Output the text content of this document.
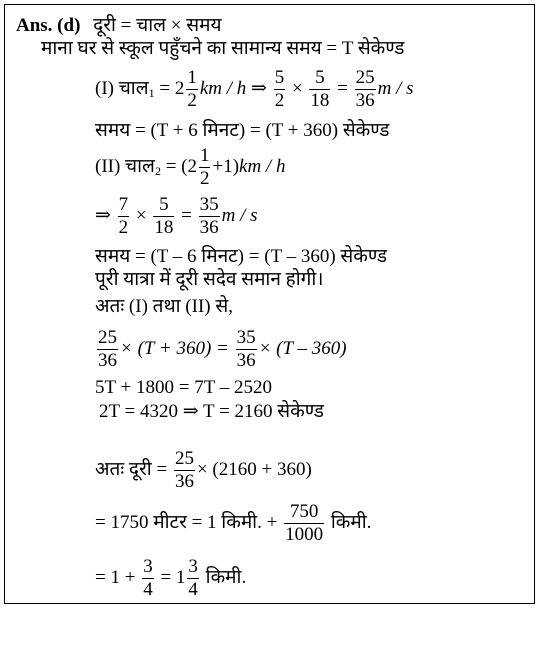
Ans. (d) दूरी = चाल × समय
माना घर से स्कूल पहुँचने का सामान्य समय = T सेकेण्ड
(I) चाल$_1$ = $2 \frac{1}{2}$ km / h ⇒ $\frac{5}{2} \times \frac{5}{18} = \frac{25}{36}$ m / s
समय = (T + 6 मिनट) = (T + 360) सेकेण्ड
(II) चाल$_2$ = $(2 \frac{1}{2} +1)km / h$
⇒ $\frac{7}{2} \times \frac{5}{18} = \frac{35}{36}$ m / s
समय = (T – 6 मिनट) = (T – 360) सेकेण्ड
पूरी यात्रा में दूरी सदेव समान होगी।
अतः (I) तथा (II) से,
$\frac{25}{36} \times (T + 360) = \frac{35}{36} \times (T - 360)$
5T + 1800 = 7T – 2520
2T = 4320 ⇒ T = 2160 सेकेण्ड
अतः दूरी = $\frac{25}{36} \times (2160 + 360)$
= 1750 मीटर = 1 किमी. + $\frac{750}{1000}$ किमी.
= $1 + \frac{3}{4} = 1 \frac{3}{4}$ किमी.
